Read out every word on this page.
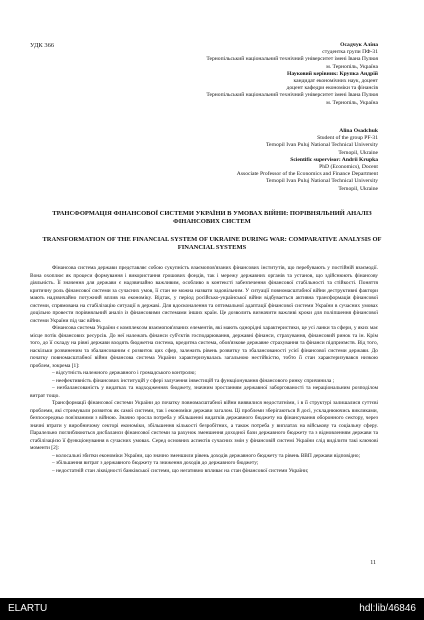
УДК 366	Осадчук Аліна
студентка групи ПФ-31
Тернопільський національний технічний університет імені Івана Пулюя
м. Тернопіль, Україна
Науковий керівник: Крупка Андрій
кандидат економічних наук, доцент
доцент кафедри економіки та фінансів
Тернопільський національний технічний університет імені Івана Пулюя
м. Тернопіль, Україна
Alina Osadchuk
Student of the group PF-31
Ternopil Ivan Puluj National Technical University
Ternopil, Ukraine
Scientific supervisor: Andrii Krupka
PhD (Economics), Docent
Associate Professor of the Economics and Finance Department
Ternopil Ivan Puluj National Technical University
Ternopil, Ukraine
ТРАНСФОРМАЦІЯ ФІНАНСОВОЇ СИСТЕМИ УКРАЇНИ В УМОВАХ ВІЙНИ: ПОРІВНЯЛЬНИЙ АНАЛІЗ ФІНАНСОВИХ СИСТЕМ
TRANSFORMATION OF THE FINANCIAL SYSTEM OF UKRAINE DURING WAR: COMPARATIVE ANALYSIS OF FINANCIAL SYSTEMS

Фінансова система держави представляє собою сукупність взаємопов'язаних фінансових інститутів, що перебувають у постійній взаємодії. Вона охоплює як процеси формування і використання грошових фондів, так і мережу державних органів та установ, що здійснюють фінансову діяльність. Її значення для держави є надзвичайно важливим, особливо в контексті забезпечення фінансової стабільності та стійкості. Поняття критичну роль фінансової системи за сучасних умов, її стан не можна назвати задовільним. У ситуації повномасштабної війни деструктивні фактори мають надзвичайно потужний вплив на економіку. Відтак, у період російсько-української війни відбувається активна трансформація фінансової системи, спрямована на стабілізацію ситуації в державі. Для вдосконалення та оптимальної адаптації фінансової системи України в сучасних умовах доцільно провести порівняльний аналіз із фінансовими системами інших країн. Це дозволить визначити важливі кроки для поліпшення фінансової системи України під час війни.

Фінансова система України є комплексом взаємопов'язаних елементів, які мають однорідні характеристики, це усі ланки та сфери, у яких має місце потік фінансових ресурсів. До неї належать фінанси суб'єктів господарювання, державні фінанси, страхування, фінансовий ринок та ін. Крім того, до її складу на рівні держави входять бюджетна система, кредитна система, обов'язкове державне страхування та фінанси підприємств. Від того, наскільки розвиненим та збалансованим є розвиток цих сфер, залежить рівень розвитку та збалансованості усієї фінансової системи держави. До початку повномасштабної війни фінансова система України характеризувалась загальною нестійкістю, тобто її стан характеризувався низкою проблем, зокрема [1]:

– відсутність належного державного і громадського контролю;

– неефективність фінансових інституцій у сфері залучення інвестицій та функціонування фінансового ринку спричинила ;

– незбалансованість у видатках та надходженнях бюджету, значним зростанням державної заборгованості та нераціональним розподілом витрат тощо.

Трансформації фінансової системи України до початку повномасштабної війни виявилися недостатніми, і в її структурі залишалися суттєві проблеми, які стримували розвиток як самої системи, так і економіки держави загалом. Ці проблеми зберігаються й досі, ускладнюючись викликами, безпосередньо пов'язаними з війною. Значно зросла потреба у збільшенні видатків державного бюджету на фінансування оборонного сектору, через значні втрати у виробничому секторі економіки, збільшення кількості безробітних, а також потреба у виплатах на військову та соціальну сферу. Паралельно поглиблюються дисбаланси фінансової системи за рахунок зменшення доходної бази державного бюджету та з відновленням держави та стабілізацією її функціонування в сучасних умовах. Серед основних аспектів сучасних змін у фінансовій системі України слід виділити такі ключові моменти [2]:

– колосальні збитки економіки України, що значно зменшили рівень доходів державного бюджету та рівень ВВП держави відповідно;

– збільшення витрат з державного бюджету та зниження доходів до державного бюджету;

– недостатній стан ліквідності банківської системи, що негативно впливає на стан фінансової системи України;

11
ELARTU	hdl:lib/46846
